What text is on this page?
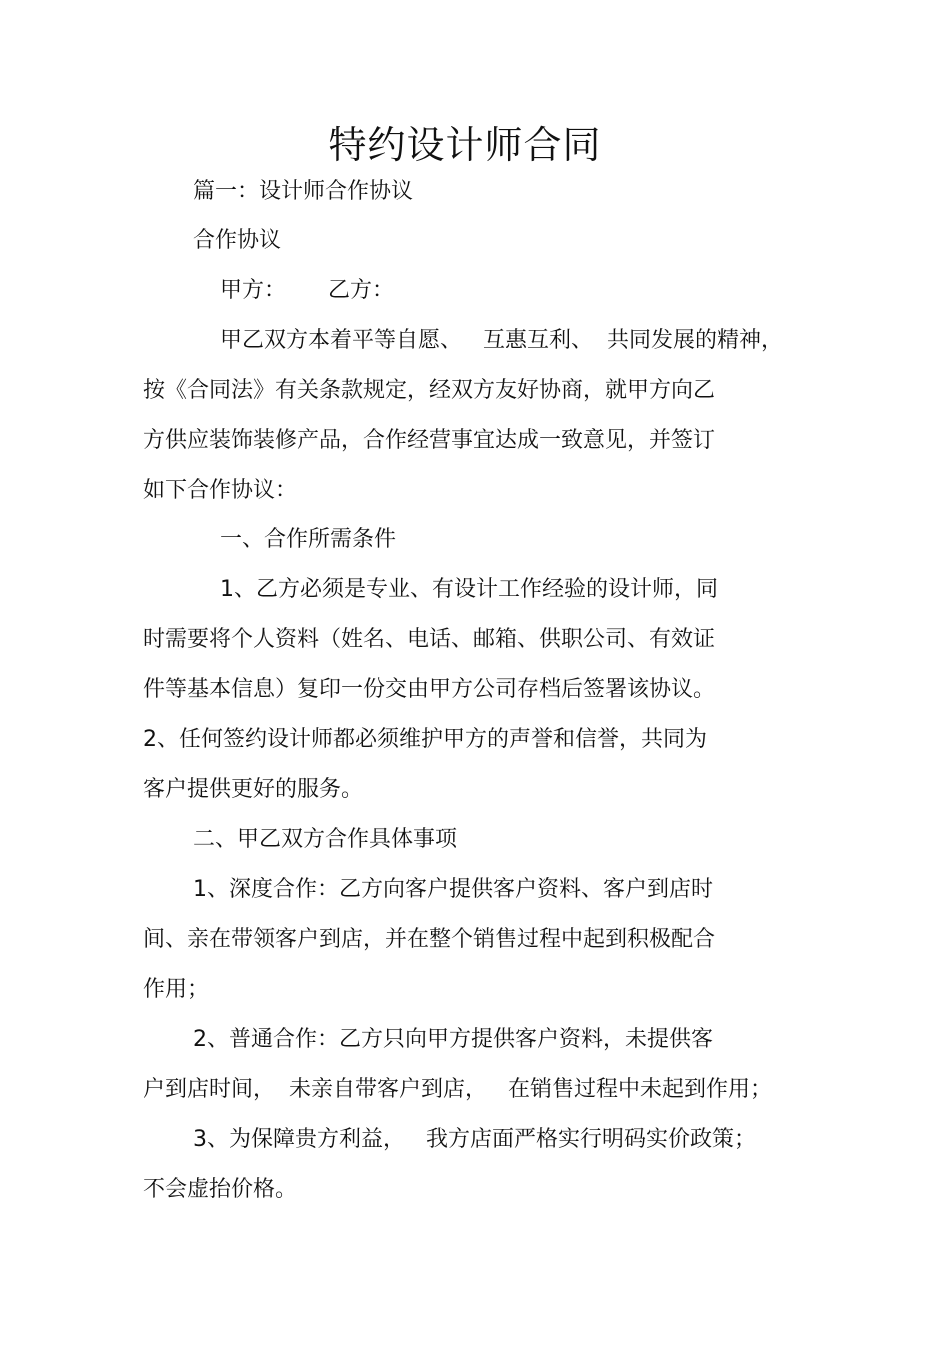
特约设计师合同
篇一：设计师合作协议
合作协议
甲方：      乙方：
甲乙双方本着平等自愿、   互惠互利、  共同发展的精神，
按《合同法》有关条款规定，经双方友好协商，就甲方向乙
方供应装饰装修产品，合作经营事宜达成一致意见，并签订
如下合作协议：
一、合作所需条件
1、乙方必须是专业、有设计工作经验的设计师，同
时需要将个人资料（姓名、电话、邮箱、供职公司、有效证
件等基本信息）复印一份交由甲方公司存档后签署该协议。
2、任何签约设计师都必须维护甲方的声誉和信誉，共同为
客户提供更好的服务。
二、甲乙双方合作具体事项
1、深度合作：乙方向客户提供客户资料、客户到店时
间、亲在带领客户到店，并在整个销售过程中起到积极配合
作用；
2、普通合作：乙方只向甲方提供客户资料，未提供客
户到店时间，  未亲自带客户到店，   在销售过程中未起到作用；
3、为保障贵方利益，   我方店面严格实行明码实价政策；
不会虚抬价格。
